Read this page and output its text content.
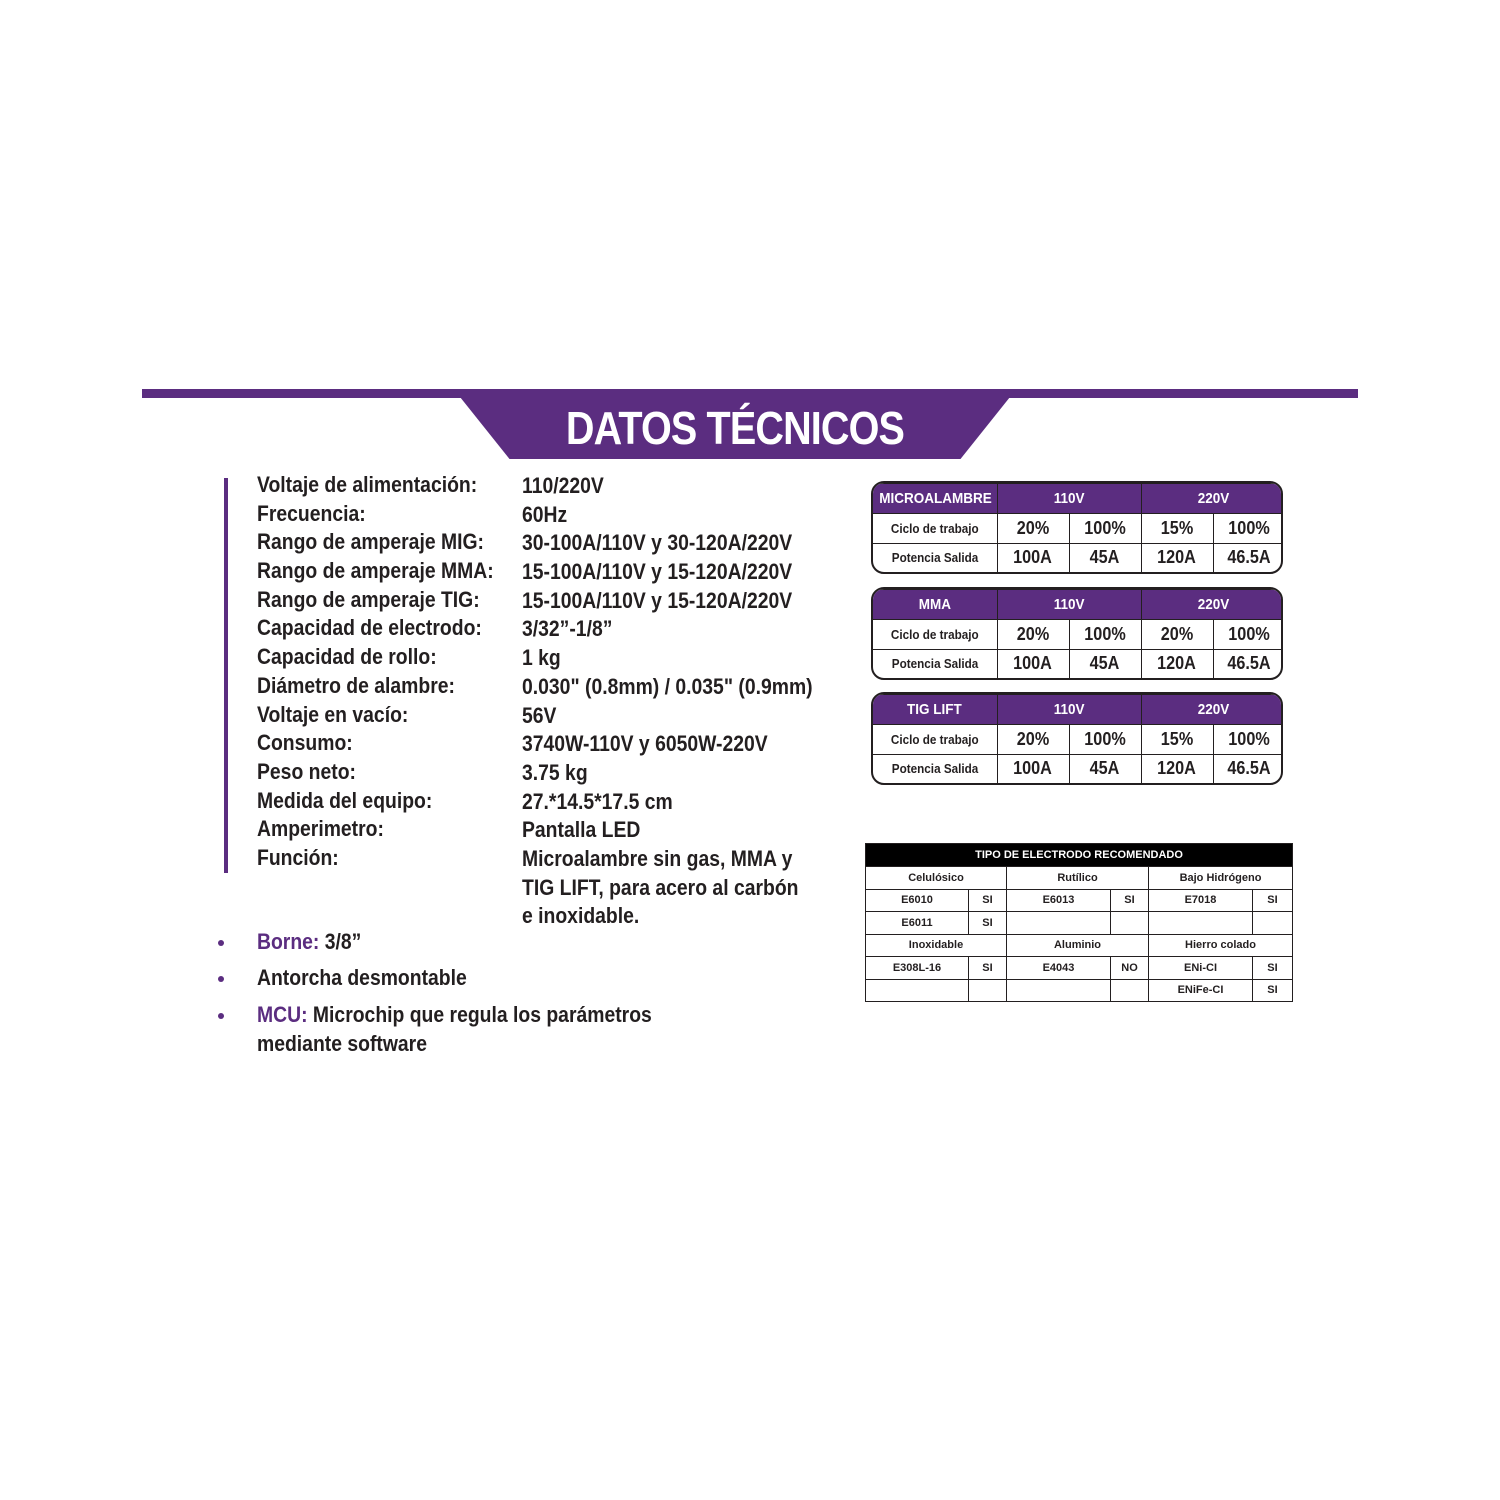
DATOS TÉCNICOS
Voltaje de alimentación: 110/220V
Frecuencia:	60Hz
Rango de amperaje MIG: 30-100A/110V y 30-120A/220V
Rango de amperaje MMA: 15-100A/110V y 15-120A/220V
Rango de amperaje TIG: 15-100A/110V y 15-120A/220V
Capacidad de electrodo: 3/32”-1/8”
Capacidad de rollo:	1 kg
Diámetro de alambre:	0.030" (0.8mm) / 0.035" (0.9mm)
Voltaje en vacío:	56V
Consumo:	3740W-110V y 6050W-220V
Peso neto:	3.75 kg
Medida del equipo:	27.*14.5*17.5 cm
Amperimetro:	Pantalla LED
Función:	Microalambre sin gas, MMA y
TIG LIFT, para acero al carbón
e inoxidable.
Borne: 3/8”
Antorcha desmontable
MCU: Microchip que regula los parámetros mediante software
MICROALAMBRE	110V		220V	
Ciclo de trabajo	20%	100%	15%	100%
Potencia Salida	100A	45A	120A	46.5A
MMA	110V		220V	
Ciclo de trabajo	20%	100%	20%	100%
Potencia Salida	100A	45A	120A	46.5A
TIG LIFT	110V		220V	
Ciclo de trabajo	20%	100%	15%	100%
Potencia Salida	100A	45A	120A	46.5A
TIPO DE ELECTRODO RECOMENDADO					
Celulósico		Rutílico		Bajo Hidrógeno	
E6010	SI	E6013	SI	E7018	SI
E6011	SI				
Inoxidable		Aluminio		Hierro colado	
E308L-16	SI	E4043	NO	ENi-CI	SI
				ENiFe-CI	SI
